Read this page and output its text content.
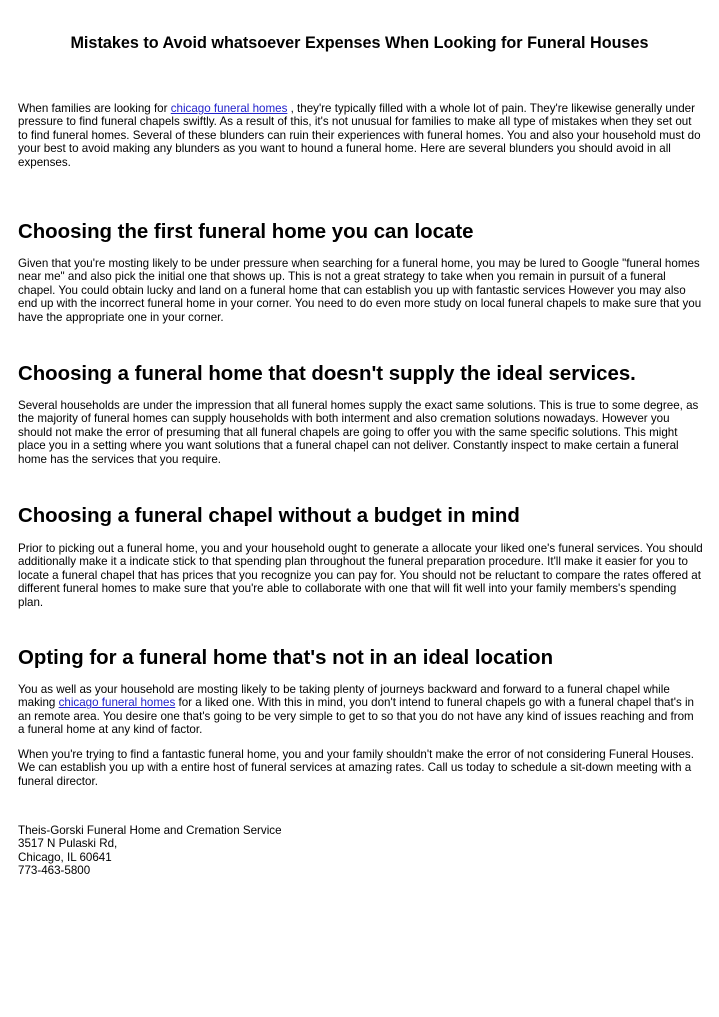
Mistakes to Avoid whatsoever Expenses When Looking for Funeral Houses

When families are looking for chicago funeral homes , they're typically filled with a whole lot of pain. They're likewise generally under pressure to find funeral chapels swiftly. As a result of this, it's not unusual for families to make all type of mistakes when they set out to find funeral homes. Several of these blunders can ruin their experiences with funeral homes. You and also your household must do your best to avoid making any blunders as you want to hound a funeral home. Here are several blunders you should avoid in all expenses.

Choosing the first funeral home you can locate

Given that you're mosting likely to be under pressure when searching for a funeral home, you may be lured to Google "funeral homes near me" and also pick the initial one that shows up. This is not a great strategy to take when you remain in pursuit of a funeral chapel. You could obtain lucky and land on a funeral home that can establish you up with fantastic services However you may also end up with the incorrect funeral home in your corner. You need to do even more study on local funeral chapels to make sure that you have the appropriate one in your corner.

Choosing a funeral home that doesn't supply the ideal services.

Several households are under the impression that all funeral homes supply the exact same solutions. This is true to some degree, as the majority of funeral homes can supply households with both interment and also cremation solutions nowadays. However you should not make the error of presuming that all funeral chapels are going to offer you with the same specific solutions. This might place you in a setting where you want solutions that a funeral chapel can not deliver. Constantly inspect to make certain a funeral home has the services that you require.

Choosing a funeral chapel without a budget in mind

Prior to picking out a funeral home, you and your household ought to generate a allocate your liked one's funeral services. You should additionally make it a indicate stick to that spending plan throughout the funeral preparation procedure. It'll make it easier for you to locate a funeral chapel that has prices that you recognize you can pay for. You should not be reluctant to compare the rates offered at different funeral homes to make sure that you're able to collaborate with one that will fit well into your family members's spending plan.

Opting for a funeral home that's not in an ideal location

You as well as your household are mosting likely to be taking plenty of journeys backward and forward to a funeral chapel while making chicago funeral homes for a liked one. With this in mind, you don't intend to funeral chapels go with a funeral chapel that's in an remote area. You desire one that's going to be very simple to get to so that you do not have any kind of issues reaching and from a funeral home at any kind of factor.

When you're trying to find a fantastic funeral home, you and your family shouldn't make the error of not considering Funeral Houses. We can establish you up with a entire host of funeral services at amazing rates. Call us today to schedule a sit-down meeting with a funeral director.

Theis-Gorski Funeral Home and Cremation Service
3517 N Pulaski Rd,
Chicago, IL 60641
773-463-5800
